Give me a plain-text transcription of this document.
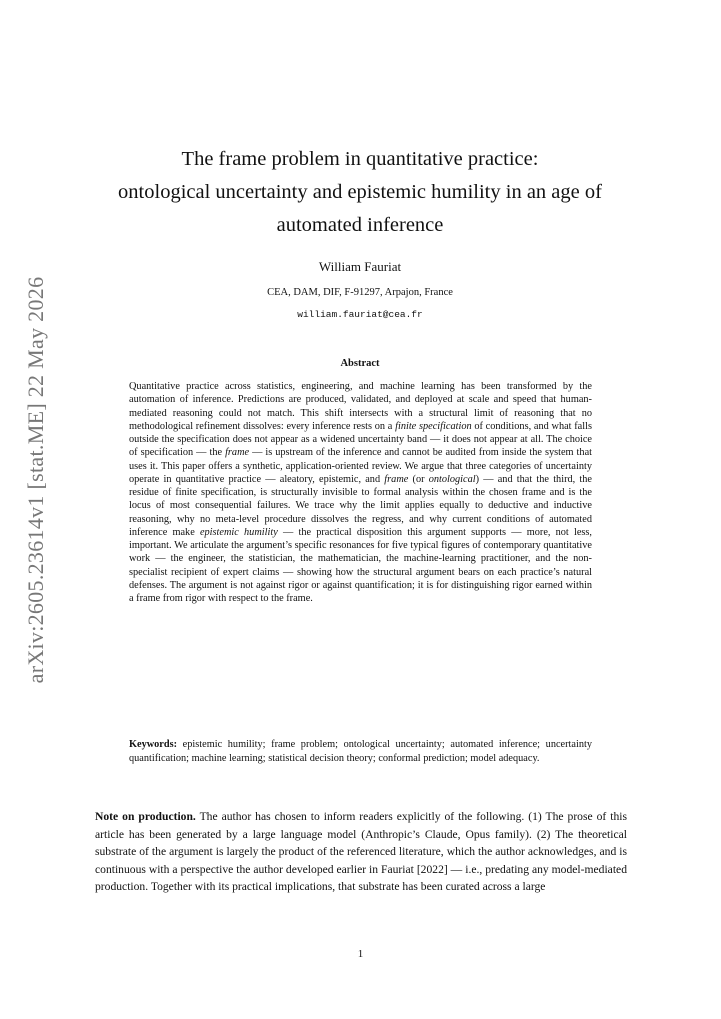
arXiv:2605.23614v1 [stat.ME] 22 May 2026
The frame problem in quantitative practice:
ontological uncertainty and epistemic humility in an age of
automated inference
William Fauriat
CEA, DAM, DIF, F-91297, Arpajon, France
william.fauriat@cea.fr
Abstract
Quantitative practice across statistics, engineering, and machine learning has been transformed by the automation of inference. Predictions are produced, validated, and deployed at scale and speed that human-mediated reasoning could not match. This shift intersects with a structural limit of reasoning that no methodological refinement dissolves: every inference rests on a finite specification of conditions, and what falls outside the specification does not appear as a widened uncertainty band — it does not appear at all. The choice of specification — the frame — is upstream of the inference and cannot be audited from inside the system that uses it. This paper offers a synthetic, application-oriented review. We argue that three categories of uncertainty operate in quantitative practice — aleatory, epistemic, and frame (or ontological) — and that the third, the residue of finite specification, is structurally invisible to formal analysis within the chosen frame and is the locus of most consequential failures. We trace why the limit applies equally to deductive and inductive reasoning, why no meta-level procedure dissolves the regress, and why current conditions of automated inference make epistemic humility — the practical disposition this argument supports — more, not less, important. We articulate the argument’s specific resonances for five typical figures of contemporary quantitative work — the engineer, the statistician, the mathematician, the machine-learning practitioner, and the non-specialist recipient of expert claims — showing how the structural argument bears on each practice’s natural defenses. The argument is not against rigor or against quantification; it is for distinguishing rigor earned within a frame from rigor with respect to the frame.
Keywords: epistemic humility; frame problem; ontological uncertainty; automated inference; uncertainty quantification; machine learning; statistical decision theory; conformal prediction; model adequacy.
Note on production. The author has chosen to inform readers explicitly of the following. (1) The prose of this article has been generated by a large language model (Anthropic’s Claude, Opus family). (2) The theoretical substrate of the argument is largely the product of the referenced literature, which the author acknowledges, and is continuous with a perspective the author developed earlier in Fauriat [2022] — i.e., predating any model-mediated production. Together with its practical implications, that substrate has been curated across a large
1
